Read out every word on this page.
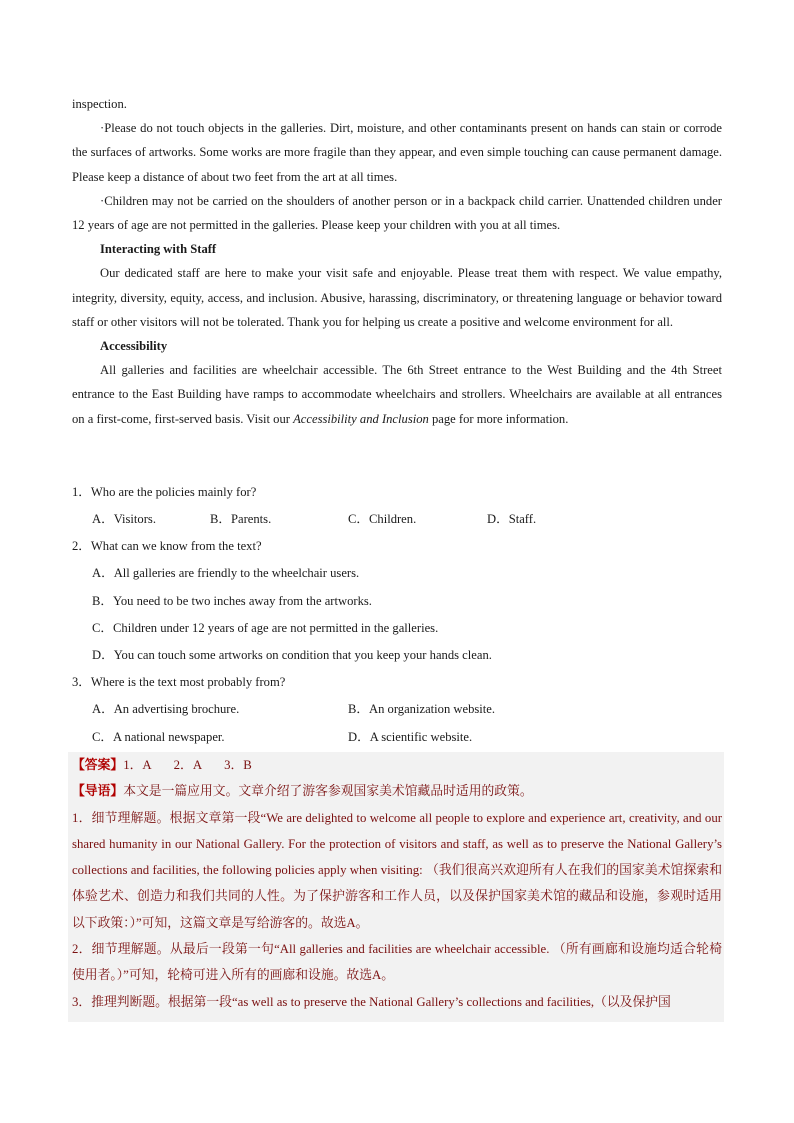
inspection.

·Please do not touch objects in the galleries. Dirt, moisture, and other contaminants present on hands can stain or corrode the surfaces of artworks. Some works are more fragile than they appear, and even simple touching can cause permanent damage. Please keep a distance of about two feet from the art at all times.

·Children may not be carried on the shoulders of another person or in a backpack child carrier. Unattended children under 12 years of age are not permitted in the galleries. Please keep your children with you at all times.

Interacting with Staff

Our dedicated staff are here to make your visit safe and enjoyable. Please treat them with respect. We value empathy, integrity, diversity, equity, access, and inclusion. Abusive, harassing, discriminatory, or threatening language or behavior toward staff or other visitors will not be tolerated. Thank you for helping us create a positive and welcome environment for all.

Accessibility

All galleries and facilities are wheelchair accessible. The 6th Street entrance to the West Building and the 4th Street entrance to the East Building have ramps to accommodate wheelchairs and strollers. Wheelchairs are available at all entrances on a first-come, first-served basis. Visit our Accessibility and Inclusion page for more information.

1．Who are the policies mainly for?
A．Visitors.	B．Parents.	C．Children.	D．Staff.
2．What can we know from the text?
A．All galleries are friendly to the wheelchair users.
B．You need to be two inches away from the artworks.
C．Children under 12 years of age are not permitted in the galleries.
D．You can touch some artworks on condition that you keep your hands clean.
3．Where is the text most probably from?
A．An advertising brochure.	B．An organization website.
C．A national newspaper.	D．A scientific website.

【答案】1．A 2．A 3．B

【导语】本文是一篇应用文。文章介绍了游客参观国家美术馆藏品时适用的政策。

1．细节理解题。根据文章第一段“We are delighted to welcome all people to explore and experience art, creativity, and our shared humanity in our National Gallery. For the protection of visitors and staff, as well as to preserve the National Gallery’s collections and facilities, the following policies apply when visiting: （我们很高兴欢迎所有人在我们的国家美术馆探索和体验艺术、创造力和我们共同的人性。为了保护游客和工作人员，以及保护国家美术馆的藏品和设施，参观时适用以下政策：）”可知，这篇文章是写给游客的。故选A。

2．细节理解题。从最后一段第一句“All galleries and facilities are wheelchair accessible. （所有画廊和设施均适合轮椅使用者。）”可知，轮椅可进入所有的画廊和设施。故选A。

3．推理判断题。根据第一段“as well as to preserve the National Gallery’s collections and facilities,（以及保护国
